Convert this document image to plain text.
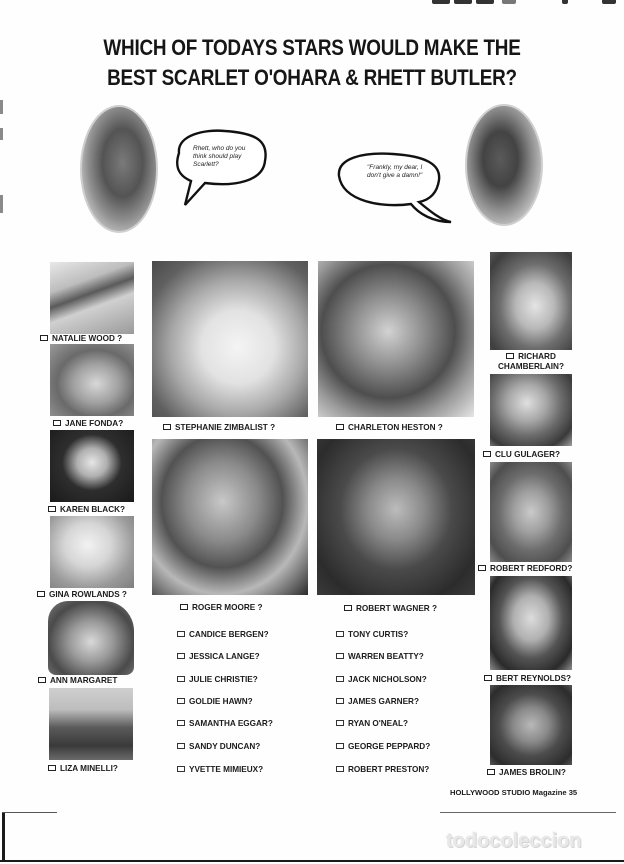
WHICH OF TODAYS STARS WOULD MAKE THE
BEST SCARLET O'OHARA & RHETT BUTLER?
Rhett, who do you think should play Scarlett?	"Frankly, my dear, I don't give a damn!"
NATALIE WOOD ?
JANE FONDA?
KAREN BLACK?
GINA ROWLANDS ?
ANN MARGARET
LIZA MINELLI?
STEPHANIE ZIMBALIST ?	CHARLETON HESTON ?
ROGER MOORE ?	ROBERT WAGNER ?
CANDICE BERGEN?
JESSICA LANGE?
JULIE CHRISTIE?
GOLDIE HAWN?
SAMANTHA EGGAR?
SANDY DUNCAN?
YVETTE MIMIEUX?
TONY CURTIS?
WARREN BEATTY?
JACK NICHOLSON?
JAMES GARNER?
RYAN O'NEAL?
GEORGE PEPPARD?
ROBERT PRESTON?
RICHARD
CHAMBERLAIN?
CLU GULAGER?
ROBERT REDFORD?
BERT REYNOLDS?
JAMES BROLIN?
HOLLYWOOD STUDIO Magazine 35
todocoleccion
